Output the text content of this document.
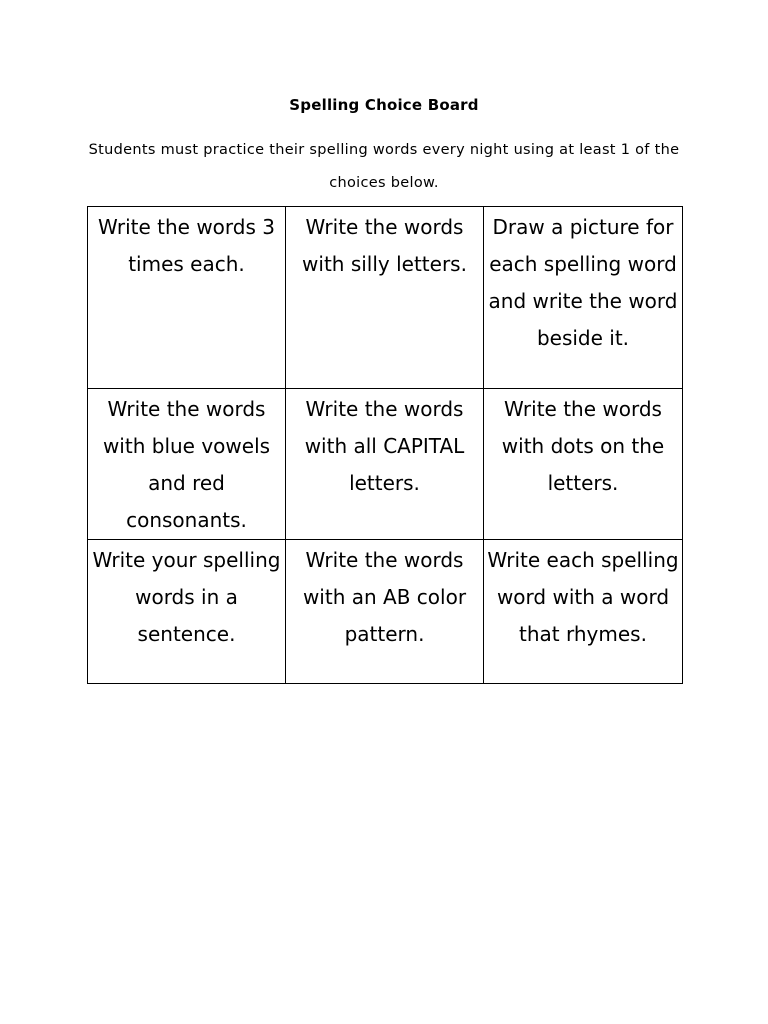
Spelling Choice Board
Students must practice their spelling words every night using at least 1 of the choices below.
Write the words 3 times each.	Write the words with silly letters.	Draw a picture for each spelling word and write the word beside it.
Write the words with blue vowels and red consonants.	Write the words with all CAPITAL letters.	Write the words with dots on the letters.
Write your spelling words in a sentence.	Write the words with an AB color pattern.	Write each spelling word with a word that rhymes.
